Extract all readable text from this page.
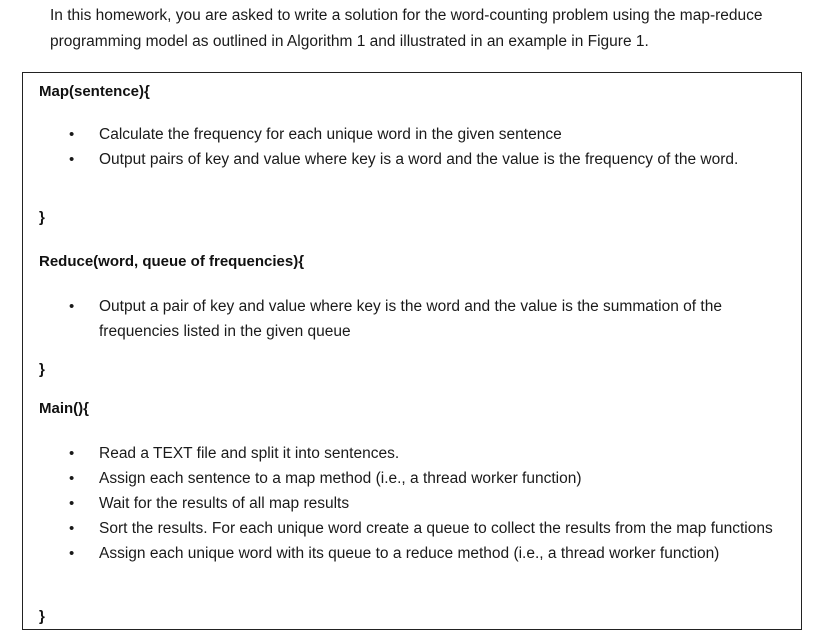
In this homework, you are asked to write a solution for the word-counting problem using the map-reduce programming model as outlined in Algorithm 1 and illustrated in an example in Figure 1.
Map(sentence){
• Calculate the frequency for each unique word in the given sentence
• Output pairs of key and value where key is a word and the value is the frequency of the word.
}
Reduce(word, queue of frequencies){
• Output a pair of key and value where key is the word and the value is the summation of the frequencies listed in the given queue
}
Main(){
• Read a TEXT file and split it into sentences.
• Assign each sentence to a map method (i.e., a thread worker function)
• Wait for the results of all map results
• Sort the results. For each unique word create a queue to collect the results from the map functions
• Assign each unique word with its queue to a reduce method (i.e., a thread worker function)
}
